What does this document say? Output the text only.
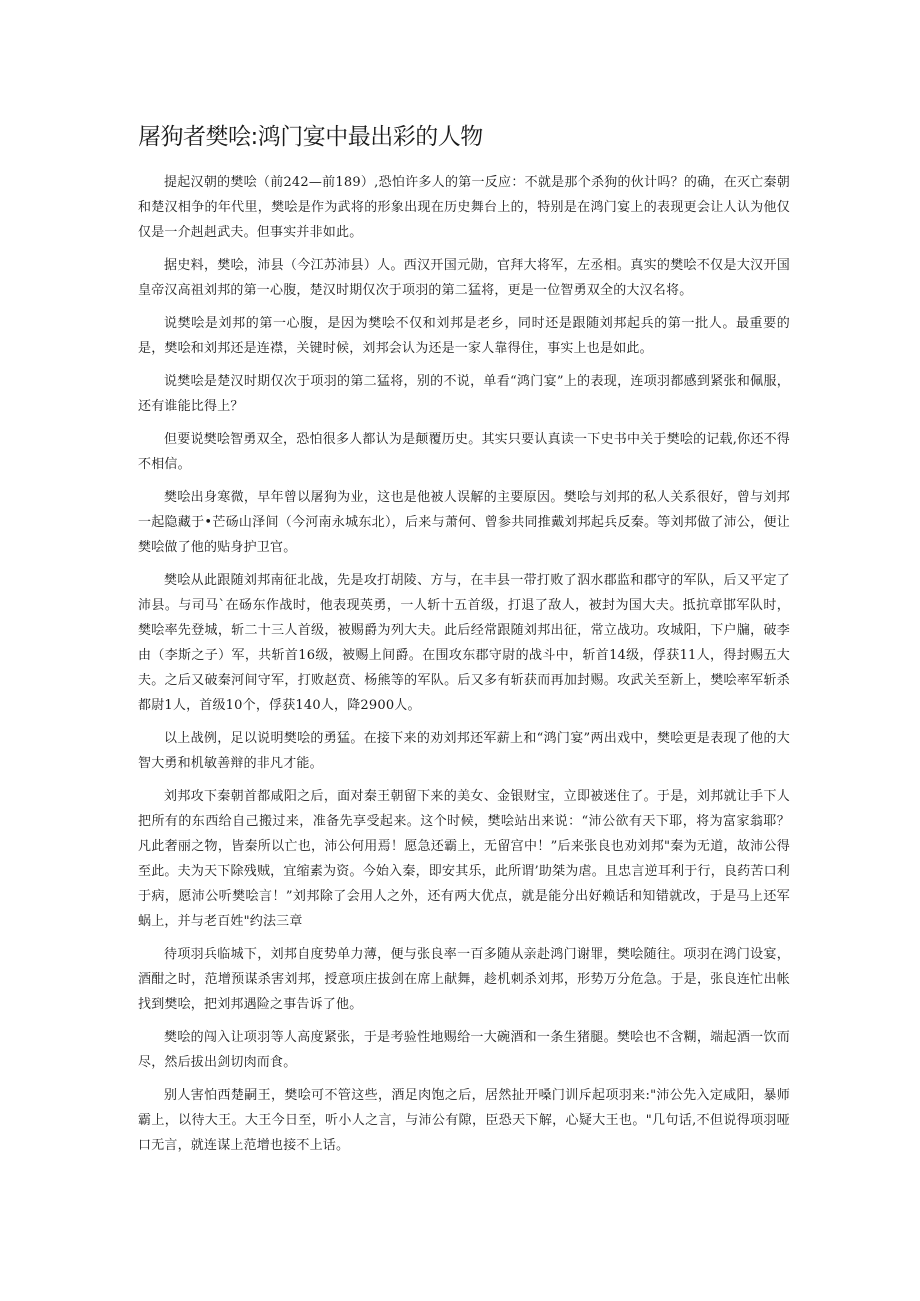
屠狗者樊哙:鸿门宴中最出彩的人物

提起汉朝的樊哙（前242—前189）,恐怕许多人的第一反应：不就是那个杀狗的伙计吗？的确，在灭亡秦朝和楚汉相争的年代里，樊哙是作为武将的形象出现在历史舞台上的，特别是在鸿门宴上的表现更会让人认为他仅仅是一介赳赳武夫。但事实并非如此。

据史料，樊哙，沛县（今江苏沛县）人。西汉开国元勋，官拜大将军，左丞相。真实的樊哙不仅是大汉开国皇帝汉高祖刘邦的第一心腹，楚汉时期仅次于项羽的第二猛将，更是一位智勇双全的大汉名将。

说樊哙是刘邦的第一心腹，是因为樊哙不仅和刘邦是老乡，同时还是跟随刘邦起兵的第一批人。最重要的是，樊哙和刘邦还是连襟，关键时候，刘邦会认为还是一家人靠得住，事实上也是如此。

说樊哙是楚汉时期仅次于项羽的第二猛将，别的不说，单看“鸿门宴”上的表现，连项羽都感到紧张和佩服，还有谁能比得上？

但要说樊哙智勇双全，恐怕很多人都认为是颠覆历史。其实只要认真读一下史书中关于樊哙的记载,你还不得不相信。

樊哙出身寒微，早年曾以屠狗为业，这也是他被人误解的主要原因。樊哙与刘邦的私人关系很好，曾与刘邦一起隐藏于•芒砀山泽间（今河南永城东北），后来与萧何、曾参共同推戴刘邦起兵反秦。等刘邦做了沛公，便让樊哙做了他的贴身护卫官。

樊哙从此跟随刘邦南征北战，先是攻打胡陵、方与，在丰县一带打败了泅水郡监和郡守的军队，后又平定了沛县。与司马`在砀东作战时，他表现英勇，一人斩十五首级，打退了敌人，被封为国大夫。抵抗章邯军队时，樊哙率先登城，斩二十三人首级，被赐爵为列大夫。此后经常跟随刘邦出征，常立战功。攻城阳，下户牖，破李由（李斯之子）军，共斩首16级，被赐上间爵。在围攻东郡守尉的战斗中，斩首14级，俘获11人，得封赐五大夫。之后又破秦河间守军，打败赵贲、杨熊等的军队。后又多有斩获而再加封赐。攻武关至新上，樊哙率军斩杀都尉1人，首级10个，俘获140人，降2900人。

以上战例，足以说明樊哙的勇猛。在接下来的劝刘邦还军薪上和“鸿门宴”两出戏中，樊哙更是表现了他的大智大勇和机敏善辩的非凡才能。

刘邦攻下秦朝首都咸阳之后，面对秦王朝留下来的美女、金银财宝，立即被迷住了。于是，刘邦就让手下人把所有的东西给自己搬过来，准备先享受起来。这个时候，樊哙站出来说：“沛公欲有天下耶，将为富家翁耶？凡此奢丽之物，皆秦所以亡也，沛公何用焉！愿急还霸上，无留宫中！”后来张良也劝刘邦"秦为无道，故沛公得至此。夫为天下除残贼，宜缩素为资。今始入秦，即安其乐，此所谓’助桀为虐。且忠言逆耳利于行，良药苦口利于病，愿沛公听樊哙言！”刘邦除了会用人之外，还有两大优点，就是能分出好赖话和知错就改，于是马上还军蜗上，并与老百姓"约法三章

待项羽兵临城下，刘邦自度势单力薄，便与张良率一百多随从亲赴鸿门谢罪，樊哙随往。项羽在鸿门设宴，酒酣之时，范增预谋杀害刘邦，授意项庄拔剑在席上献舞，趁机刺杀刘邦，形势万分危急。于是，张良连忙出帐找到樊哙，把刘邦遇险之事告诉了他。

樊哙的闯入让项羽等人高度紧张，于是考验性地赐给一大碗酒和一条生猪腿。樊哙也不含糊，端起酒一饮而尽，然后拔出剑切肉而食。

别人害怕西楚嗣王，樊哙可不管这些，酒足肉饱之后，居然扯开嗓门训斥起项羽来:"沛公先入定咸阳，暴师霸上，以待大王。大王今日至，听小人之言，与沛公有隙，臣恐天下解，心疑大王也。"几句话,不但说得项羽哑口无言，就连谋上范增也接不上话。
